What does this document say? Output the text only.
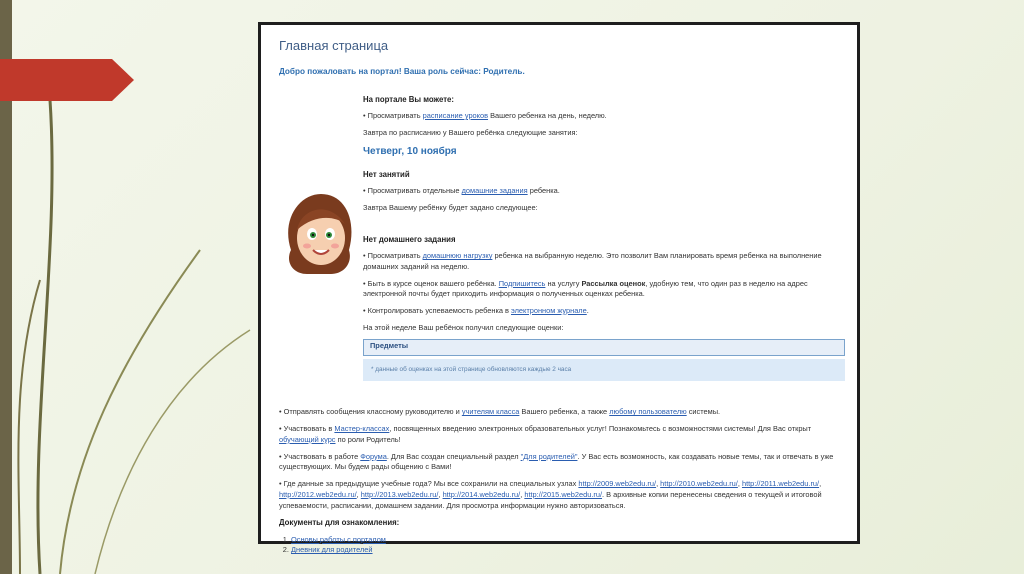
Главная страница
Добро пожаловать на портал! Ваша роль сейчас: Родитель.
На портале Вы можете:
• Просматривать расписание уроков Вашего ребенка на день, неделю.
Завтра по расписанию у Вашего ребёнка следующие занятия:
Четверг, 10 ноября
Нет занятий
• Просматривать отдельные домашние задания ребенка.
Завтра Вашему ребёнку будет задано следующее:
Нет домашнего задания
• Просматривать домашнюю нагрузку ребенка на выбранную неделю. Это позволит Вам планировать время ребенка на выполнение домашних заданий на неделю.
• Быть в курсе оценок вашего ребёнка. Подпишитесь на услугу Рассылка оценок, удобную тем, что один раз в неделю на адрес электронной почты будет приходить информация о полученных оценках ребенка.
• Контролировать успеваемость ребенка в электронном журнале.
На этой неделе Ваш ребёнок получил следующие оценки:
Предметы
* данные об оценках на этой странице обновляются каждые 2 часа
• Отправлять сообщения классному руководителю и учителям класса Вашего ребенка, а также любому пользователю системы.
• Участвовать в Мастер-классах, посвященных введению электронных образовательных услуг! Познакомьтесь с возможностями системы! Для Вас открыт обучающий курс по роли Родитель!
• Участвовать в работе Форума. Для Вас создан специальный раздел "Для родителей". У Вас есть возможность, как создавать новые темы, так и отвечать в уже существующих. Мы будем рады общению с Вами!
• Где данные за предыдущие учебные года? Мы все сохранили на специальных узлах http://2009.web2edu.ru/, http://2010.web2edu.ru/, http://2011.web2edu.ru/, http://2012.web2edu.ru/, http://2013.web2edu.ru/, http://2014.web2edu.ru/, http://2015.web2edu.ru/. В архивные копии перенесены сведения о текущей и итоговой успеваемости, расписании, домашнем задании. Для просмотра информации нужно авторизоваться.
Документы для ознакомления:
1. Основы работы с порталом
2. Дневник для родителей
